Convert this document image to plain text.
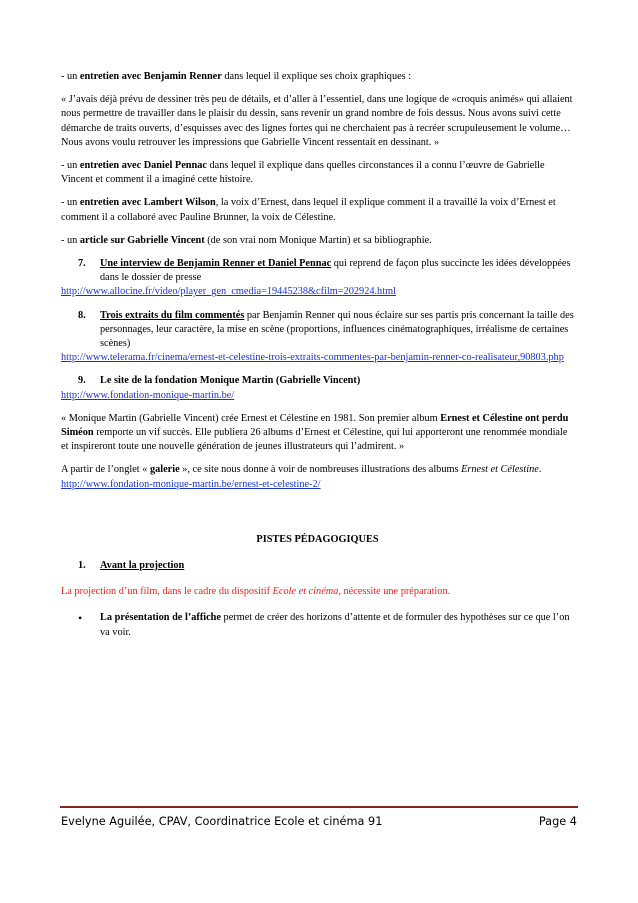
- un entretien avec Benjamin Renner dans lequel il explique ses choix graphiques :

« J’avais déjà prévu de dessiner très peu de détails, et d’aller à l’essentiel, dans une logique de «croquis animés» qui allaient nous permettre de travailler dans le plaisir du dessin, sans revenir un grand nombre de fois dessus. Nous avons suivi cette démarche de traits ouverts, d’esquisses avec des lignes fortes qui ne cherchaient pas à recréer scrupuleusement le volume…Nous avons voulu retrouver les impressions que Gabrielle Vincent ressentait en dessinant. »

- un entretien avec Daniel Pennac dans lequel il explique dans quelles circonstances il a connu l’œuvre de Gabrielle Vincent et comment il a imaginé cette histoire.

- un entretien avec Lambert Wilson, la voix d’Ernest, dans lequel il explique comment il a travaillé la voix d’Ernest et comment il a collaboré avec Pauline Brunner, la voix de Célestine.

- un article sur Gabrielle Vincent (de son vrai nom Monique Martin) et sa bibliographie.

7.	Une interview de Benjamin Renner et Daniel Pennac qui reprend de façon plus succincte les idées développées dans le dossier de presse

http://www.allocine.fr/video/player_gen_cmedia=19445238&cfilm=202924.html

8.	Trois extraits du film commentés par Benjamin Renner qui nous éclaire sur ses partis pris concernant la taille des personnages, leur caractère, la mise en scène (proportions, influences cinématographiques, irréalisme de certaines scènes)

http://www.telerama.fr/cinema/ernest-et-celestine-trois-extraits-commentes-par-benjamin-renner-co-realisateur,90803.php

9.	Le site de la fondation Monique Martin (Gabrielle Vincent)

http://www.fondation-monique-martin.be/

« Monique Martin (Gabrielle Vincent) crée Ernest et Célestine en 1981. Son premier album Ernest et Célestine ont perdu Siméon remporte un vif succès. Elle publiera 26 albums d’Ernest et Célestine, qui lui apporteront une renommée mondiale et inspireront toute une nouvelle génération de jeunes illustrateurs qui l’admirent. »

A partir de l’onglet « galerie », ce site nous donne à voir de nombreuses illustrations des albums Ernest et Célestine.

http://www.fondation-monique-martin.be/ernest-et-celestine-2/

PISTES PÉDAGOGIQUES

1.	Avant la projection

La projection d’un film, dans le cadre du dispositif Ecole et cinéma, nécessite une préparation.

•	La présentation de l’affiche permet de créer des horizons d’attente et de formuler des hypothèses sur ce que l’on va voir.
Evelyne Aguilée, CPAV, Coordinatrice Ecole et cinéma 91	Page 4
